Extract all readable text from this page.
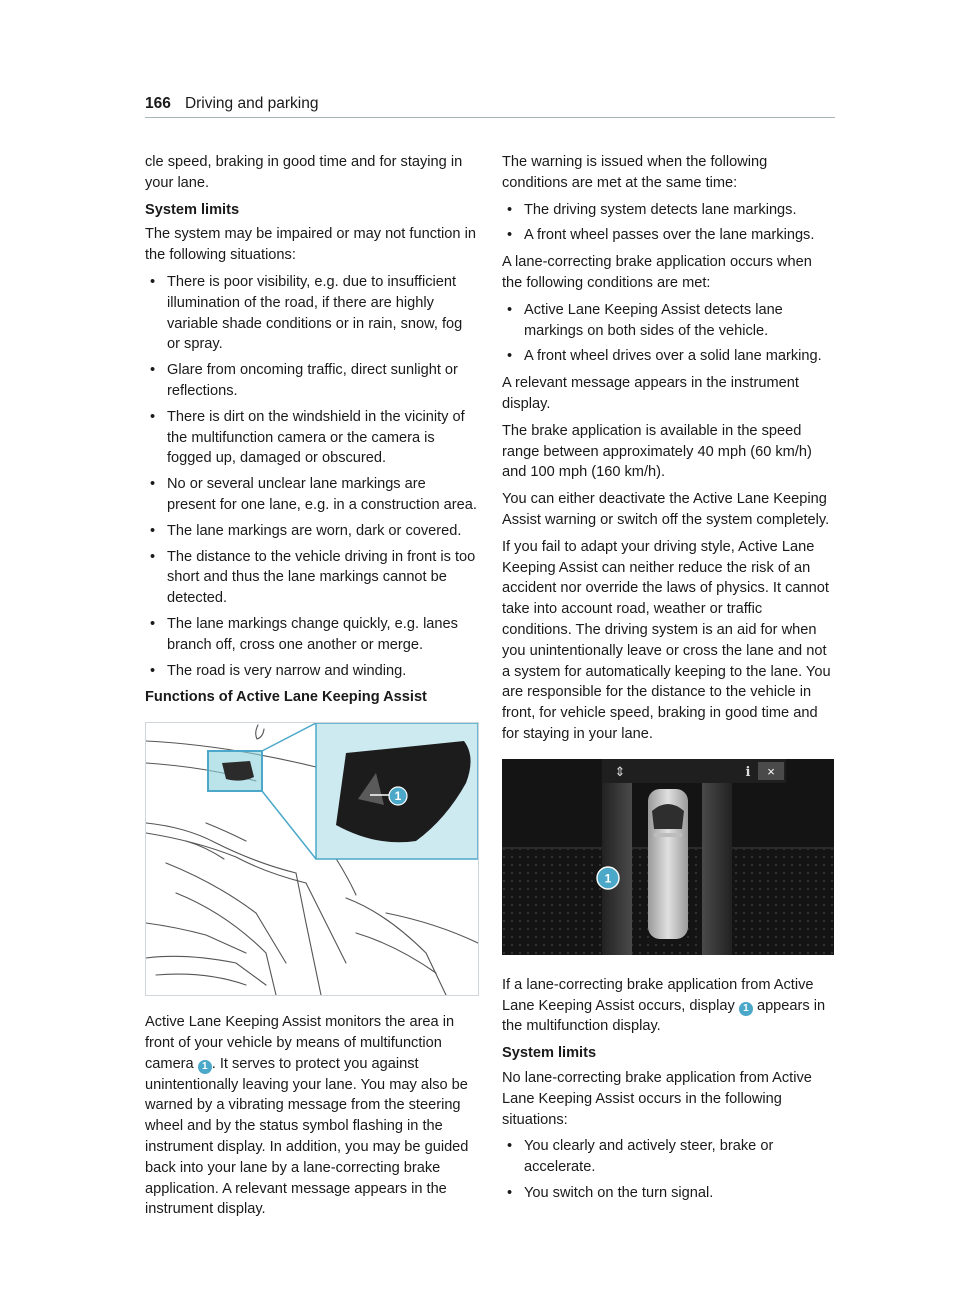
166 Driving and parking

cle speed, braking in good time and for staying in your lane.

System limits

The system may be impaired or may not function in the following situations:

• There is poor visibility, e.g. due to insufficient illumination of the road, if there are highly variable shade conditions or in rain, snow, fog or spray.
• Glare from oncoming traffic, direct sunlight or reflections.
• There is dirt on the windshield in the vicinity of the multifunction camera or the camera is fogged up, damaged or obscured.
• No or several unclear lane markings are present for one lane, e.g. in a construction area.
• The lane markings are worn, dark or covered.
• The distance to the vehicle driving in front is too short and thus the lane markings cannot be detected.
• The lane markings change quickly, e.g. lanes branch off, cross one another or merge.
• The road is very narrow and winding.
Functions of Active Lane Keeping Assist
1

Active Lane Keeping Assist monitors the area in front of your vehicle by means of multifunction camera 1 . It serves to protect you against unintentionally leaving your lane. You may also be warned by a vibrating message from the steering wheel and by the status symbol flashing in the instrument display. In addition, you may be guided back into your lane by a lane-correcting brake application. A relevant message appears in the instrument display.

The warning is issued when the following conditions are met at the same time:

• The driving system detects lane markings.
• A front wheel passes over the lane markings.

A lane-correcting brake application occurs when the following conditions are met:

• Active Lane Keeping Assist detects lane markings on both sides of the vehicle.
• A front wheel drives over a solid lane marking.

A relevant message appears in the instrument display.

The brake application is available in the speed range between approximately 40 mph (60 km/h) and 100 mph (160 km/h).

You can either deactivate the Active Lane Keeping Assist warning or switch off the system completely.

If you fail to adapt your driving style, Active Lane Keeping Assist can neither reduce the risk of an accident nor override the laws of physics. It cannot take into account road, weather or traffic conditions. The driving system is an aid for when you unintentionally leave or cross the lane and not a system for automatically keeping to the lane. You are responsible for the distance to the vehicle in front, for vehicle speed, braking in good time and for staying in your lane.

⇕	i ×
1

If a lane-correcting brake application from Active Lane Keeping Assist occurs, display 1 appears in the multifunction display.

System limits

No lane-correcting brake application from Active Lane Keeping Assist occurs in the following situations:

• You clearly and actively steer, brake or accelerate.
• You switch on the turn signal.
